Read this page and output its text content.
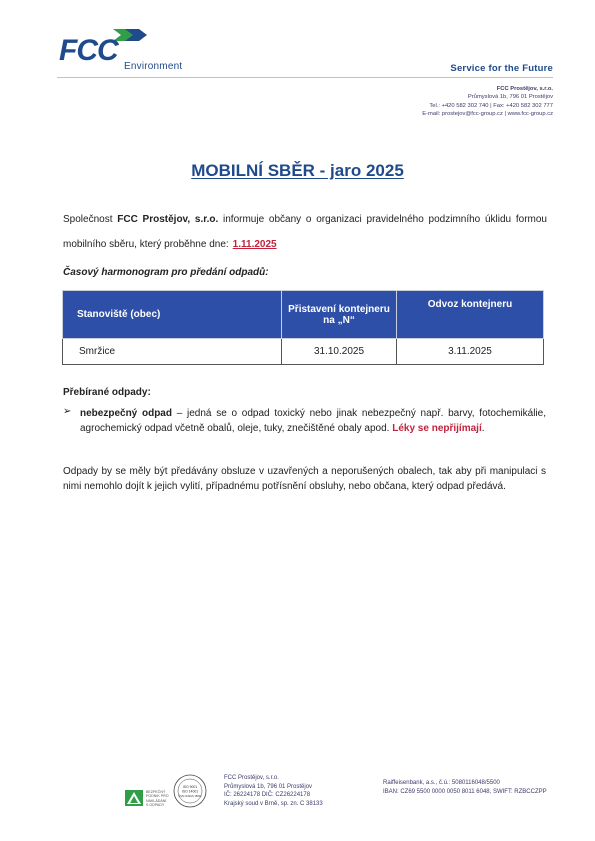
FCC Environment	Service for the Future
FCC Prostějov, s.r.o.
Průmyslová 1b, 796 01 Prostějov
Tel.: +420 582 302 740 | Fax: +420 582 302 777
E-mail: prostejov@fcc-group.cz | www.fcc-group.cz
MOBILNÍ SBĚR - jaro 2025
Společnost FCC Prostějov, s.r.o. informuje občany o organizaci pravidelného podzimního úklidu formou mobilního sběru, který proběhne dne: 1.11.2025
Časový harmonogram pro předání odpadů:
Stanoviště (obec)	Přistavení kontejneru na „N“	Odvoz kontejneru
Smržice	31.10.2025	3.11.2025
Přebírané odpady:
➢ nebezpečný odpad – jedná se o odpad toxický nebo jinak nebezpečný např. barvy, fotochemikálie, agrochemický odpad včetně obalů, oleje, tuky, znečištěné obaly apod. Léky se nepřijímají.
Odpady by se měly být předávány obsluze v uzavřených a neporušených obalech, tak aby při manipulaci s nimi nemohlo dojít k jejich vylití, případnému potřísnění obsluhy, nebo občana, který odpad předává.
BEZPEČNÝ
PODNIK PRO
NAKLÁDÁNÍ
S ODPADY
ISO 9001
ISO 14001
ČSN OHSAS 18001
FCC Prostějov, s.r.o.
Průmyslová 1b, 796 01 Prostějov
IČ: 26224178 DIČ: CZ26224178
Krajský soud v Brně, sp. zn. C 38133
Raiffeisenbank, a.s., č.ú.: 5080116048/5500
IBAN: CZ69 5500 0000 0050 8011 6048, SWIFT: RZBCCZPP
